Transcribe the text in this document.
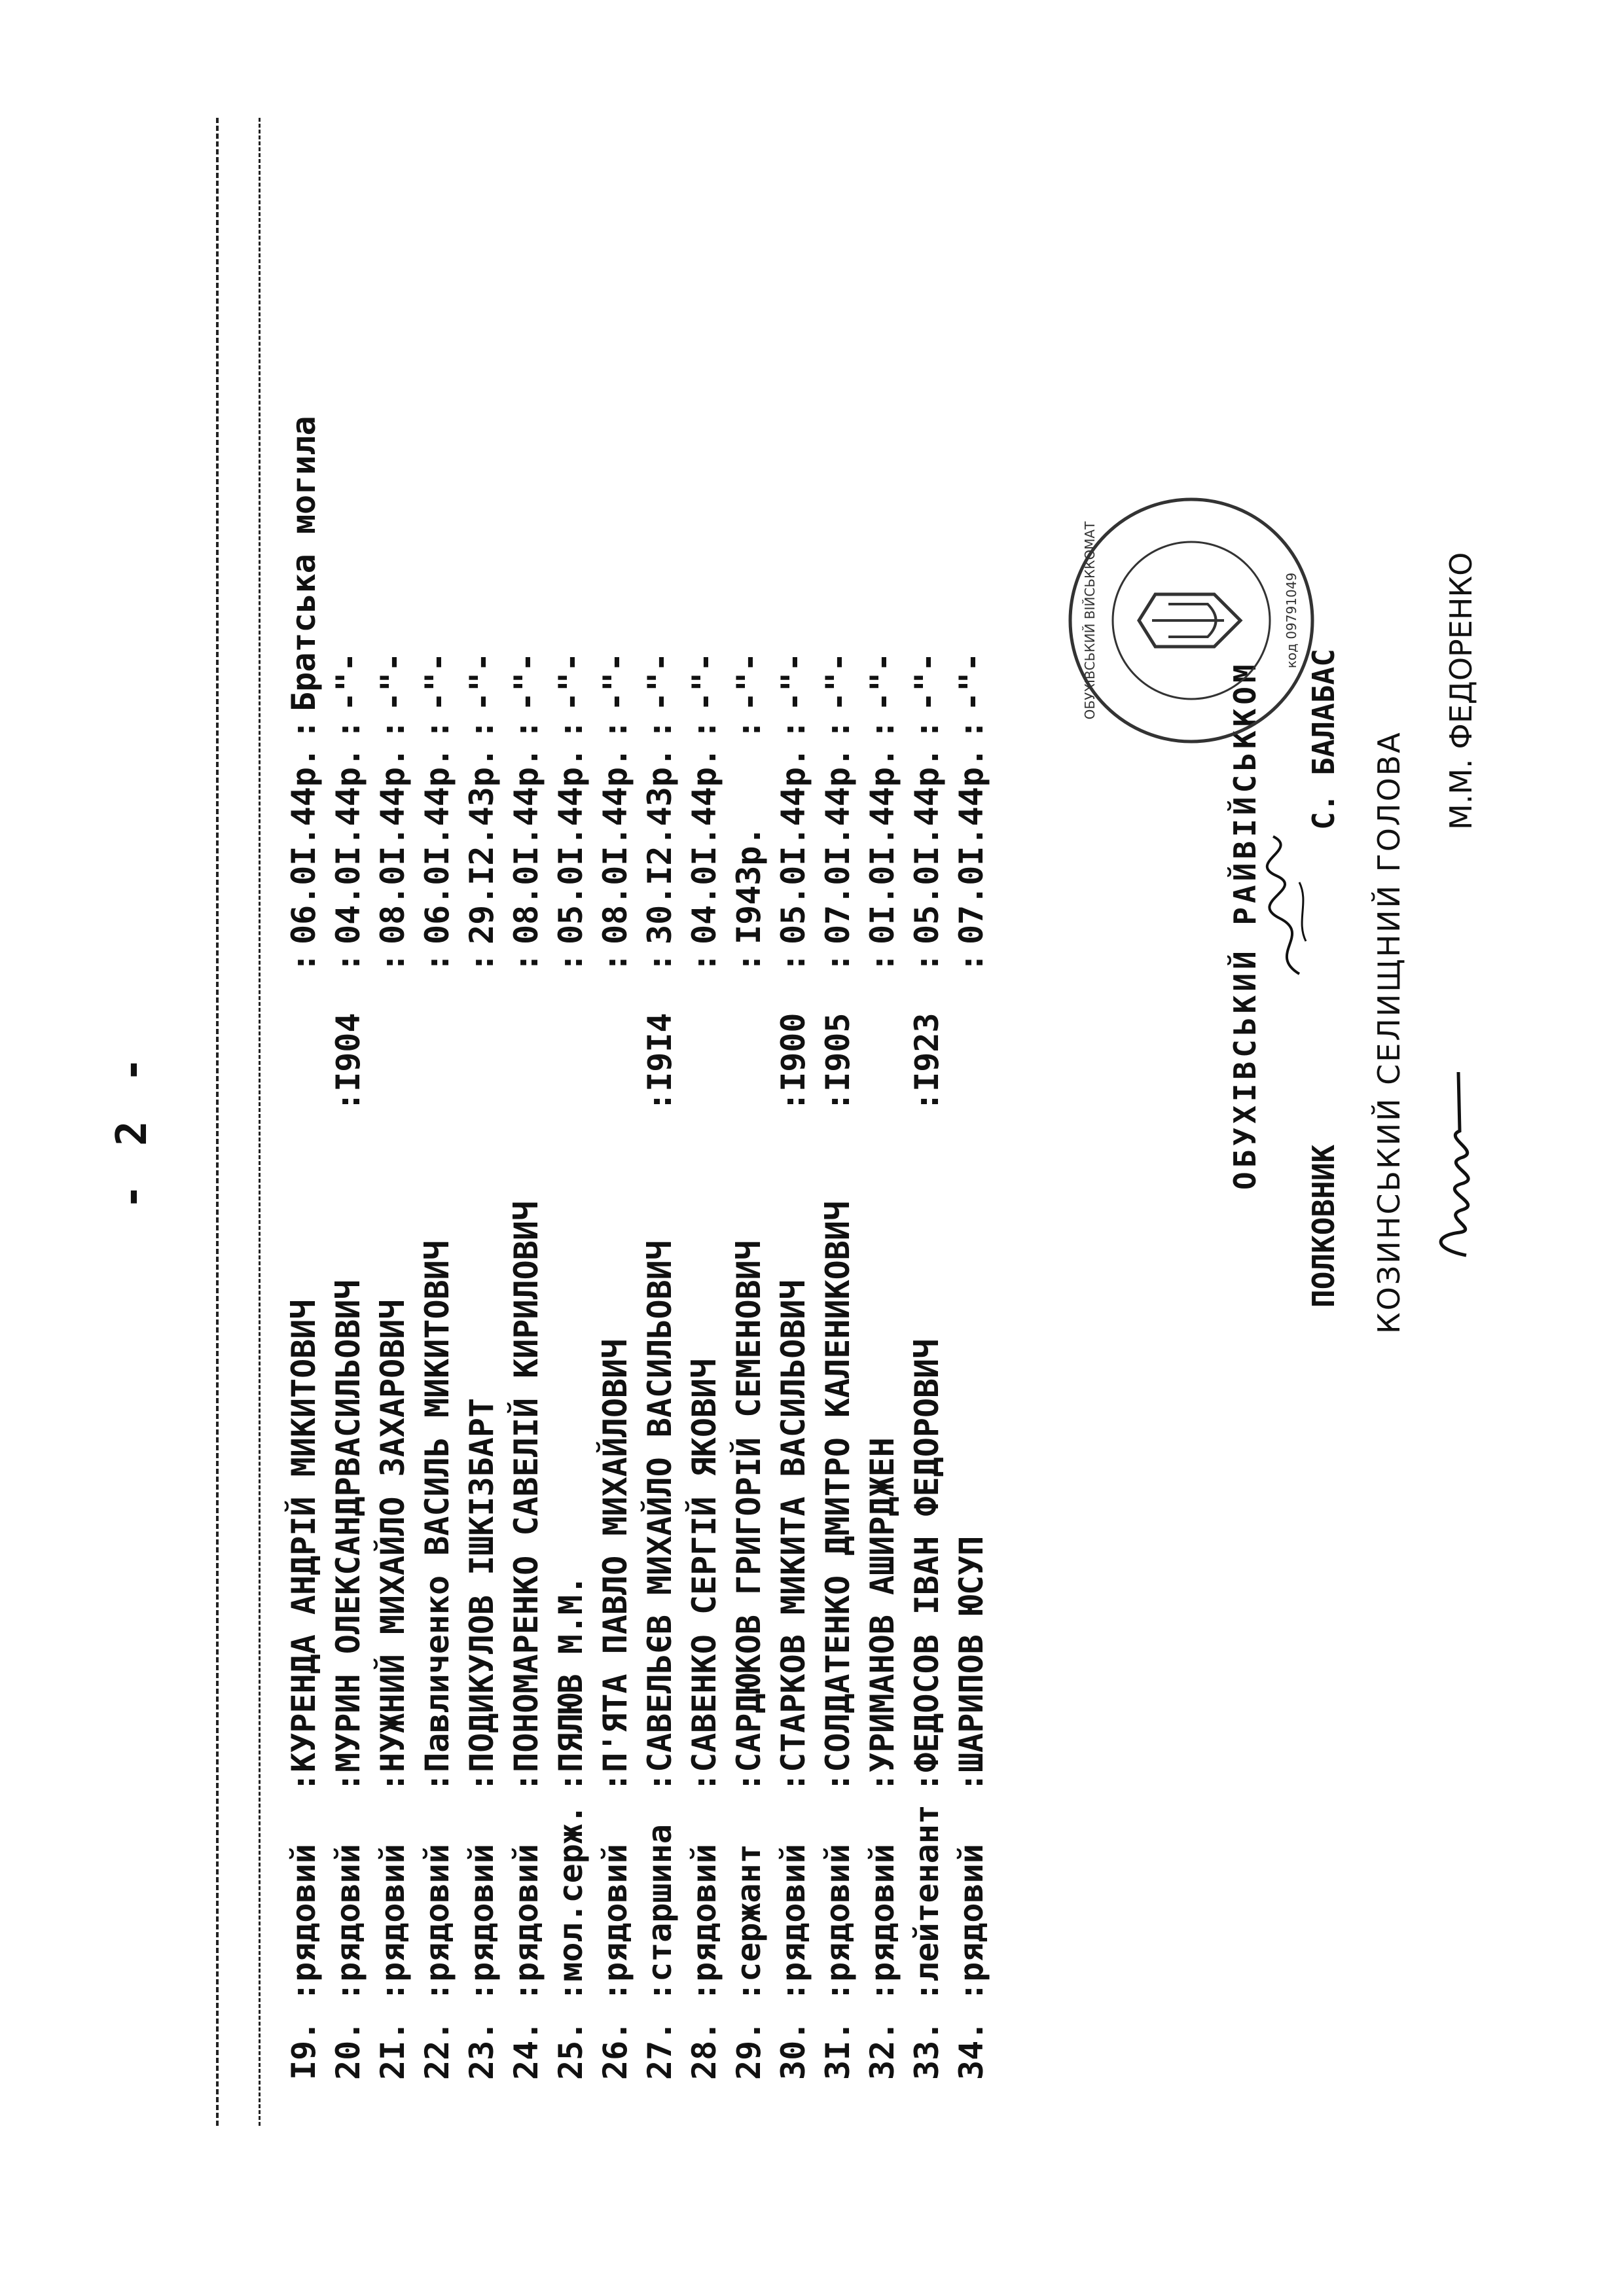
- 2 -
I9.	:рядовий	:КУРЕНДА АНДРІЙ МИКИТОВИЧ		:	06.0I.44р.	:	Братська могила
20.	:рядовий	:МУРИН ОЛЕКСАНДРВАСИЛЬОВИЧ	:I904	:	04.0I.44р.	:	-"-
2I.	:рядовий	:НУЖНИЙ МИХАЙЛО ЗАХАРОВИЧ		:	08.0I.44р.	:	-"-
22.	:рядовий	:Павличенко ВАСИЛЬ МИКИТОВИЧ		:	06.0I.44р.	:	-"-
23.	:рядовий	:ПОДИКУЛОВ ІШКІЗБАРТ		:	29.I2.43р.	:	-"-
24.	:рядовий	:ПОНОМАРЕНКО САВЕЛІЙ КИРИЛОВИЧ		:	08.0I.44р.	:	-"-
25.	:мол.серж.	:ПЯЛЮВ М.М.		:	05.0I.44р.	:	-"-
26.	:рядовий	:П'ЯТА ПАВЛО МИХАЙЛОВИЧ		:	08.0I.44р.	:	-"-
27.	:старшина	:САВЕЛЬЄВ МИХАЙЛО ВАСИЛЬОВИЧ	:I9I4	:	30.I2.43р.	:	-"-
28.	:рядовий	:САВЕНКО СЕРГІЙ ЯКОВИЧ		:	04.0I.44р.	:	-"-
29.	:сержант	:САРДЮКОВ ГРИГОРІЙ СЕМЕНОВИЧ		:	I943р.	:	-"-
30.	:рядовий	:СТАРКОВ МИКИТА ВАСИЛЬОВИЧ	:I900	:	05.0I.44р.	:	-"-
3I.	:рядовий	:СОЛДАТЕНКО ДМИТРО КАЛЕНИКОВИЧ	:I905	:	07.0I.44р.	:	-"-
32.	:рядовий	:УРИМАНОВ АШИРДЖЕН		:	0I.0I.44р.	:	-"-
33.	:лейтенант	:ФЕДОСОВ ІВАН ФЕДОРОВИЧ	:I923	:	05.0I.44р.	:	-"-
34.	:рядовий	:ШАРИПОВ ЮСУП		:	07.0I.44р.	:	-"-	ОБУХІВСЬКИЙ РАЙВІЙСЬККОМ
ПОЛКОВНИК
С. БАЛАБАС КОЗИНСЬКИЙ СЕЛИЩНИЙ ГОЛОВА
М.М. ФЕДОРЕНКО
ОБУХІВСЬКИЙ ВІЙСЬККОМАТ	код 09791049
